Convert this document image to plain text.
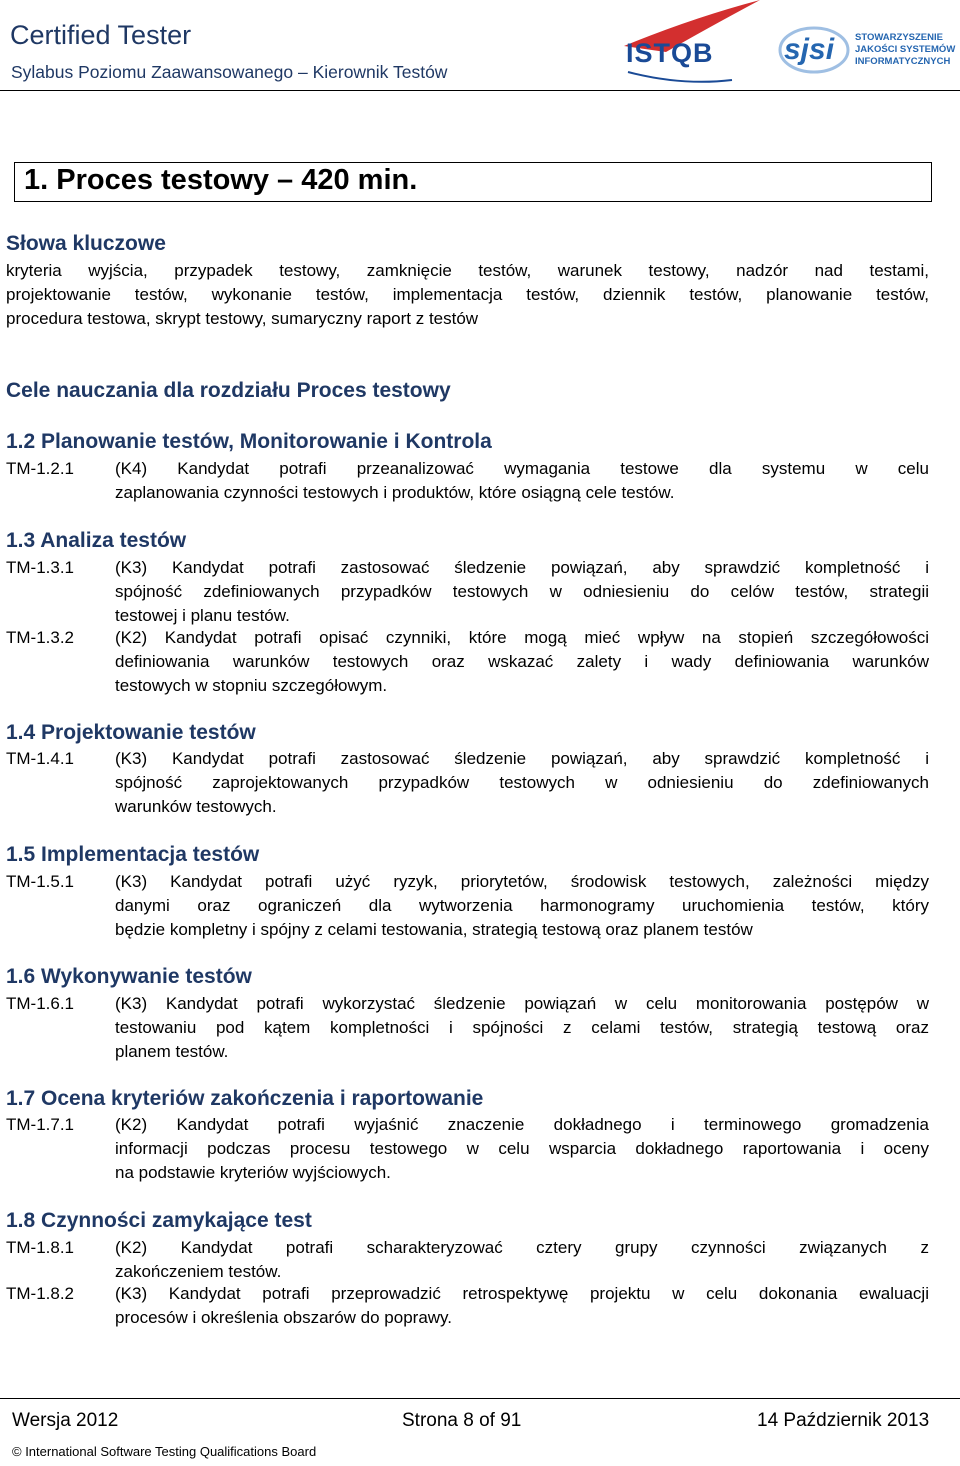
Certified Tester
Sylabus Poziomu Zaawansowanego – Kierownik Testów
ISTQB sjsi STOWARZYSZENIE
JAKOŚCI SYSTEMÓW
INFORMATYCZNYCH
1. Proces testowy – 420 min.
Słowa kluczowe
kryteria wyjścia, przypadek testowy, zamknięcie testów, warunek testowy, nadzór nad testami,
projektowanie testów, wykonanie testów, implementacja testów, dziennik testów, planowanie testów,
procedura testowa, skrypt testowy, sumaryczny raport z testów
Cele nauczania dla rozdziału Proces testowy
1.2 Planowanie testów, Monitorowanie i Kontrola
TM-1.2.1 (K4) Kandydat potrafi przeanalizować wymagania testowe dla systemu w celu
zaplanowania czynności testowych i produktów, które osiągną cele testów.
1.3 Analiza testów
TM-1.3.1 (K3) Kandydat potrafi zastosować śledzenie powiązań, aby sprawdzić kompletność i
spójność zdefiniowanych przypadków testowych w odniesieniu do celów testów, strategii
testowej i planu testów.
TM-1.3.2 (K2) Kandydat potrafi opisać czynniki, które mogą mieć wpływ na stopień szczegółowości
definiowania warunków testowych oraz wskazać zalety i wady definiowania warunków
testowych w stopniu szczegółowym.
1.4 Projektowanie testów
TM-1.4.1 (K3) Kandydat potrafi zastosować śledzenie powiązań, aby sprawdzić kompletność i
spójność zaprojektowanych przypadków testowych w odniesieniu do zdefiniowanych
warunków testowych.
1.5 Implementacja testów
TM-1.5.1 (K3) Kandydat potrafi użyć ryzyk, priorytetów, środowisk testowych, zależności między
danymi oraz ograniczeń dla wytworzenia harmonogramy uruchomienia testów, który
będzie kompletny i spójny z celami testowania, strategią testową oraz planem testów
1.6 Wykonywanie testów
TM-1.6.1 (K3) Kandydat potrafi wykorzystać śledzenie powiązań w celu monitorowania postępów w
testowaniu pod kątem kompletności i spójności z celami testów, strategią testową oraz
planem testów.
1.7 Ocena kryteriów zakończenia i raportowanie
TM-1.7.1 (K2) Kandydat potrafi wyjaśnić znaczenie dokładnego i terminowego gromadzenia
informacji podczas procesu testowego w celu wsparcia dokładnego raportowania i oceny
na podstawie kryteriów wyjściowych.
1.8 Czynności zamykające test
TM-1.8.1 (K2) Kandydat potrafi scharakteryzować cztery grupy czynności związanych z
zakończeniem testów.
TM-1.8.2 (K3) Kandydat potrafi przeprowadzić retrospektywę projektu w celu dokonania ewaluacji
procesów i określenia obszarów do poprawy.
Wersja 2012	Strona 8 of 91	14 Październik 2013
© International Software Testing Qualifications Board
